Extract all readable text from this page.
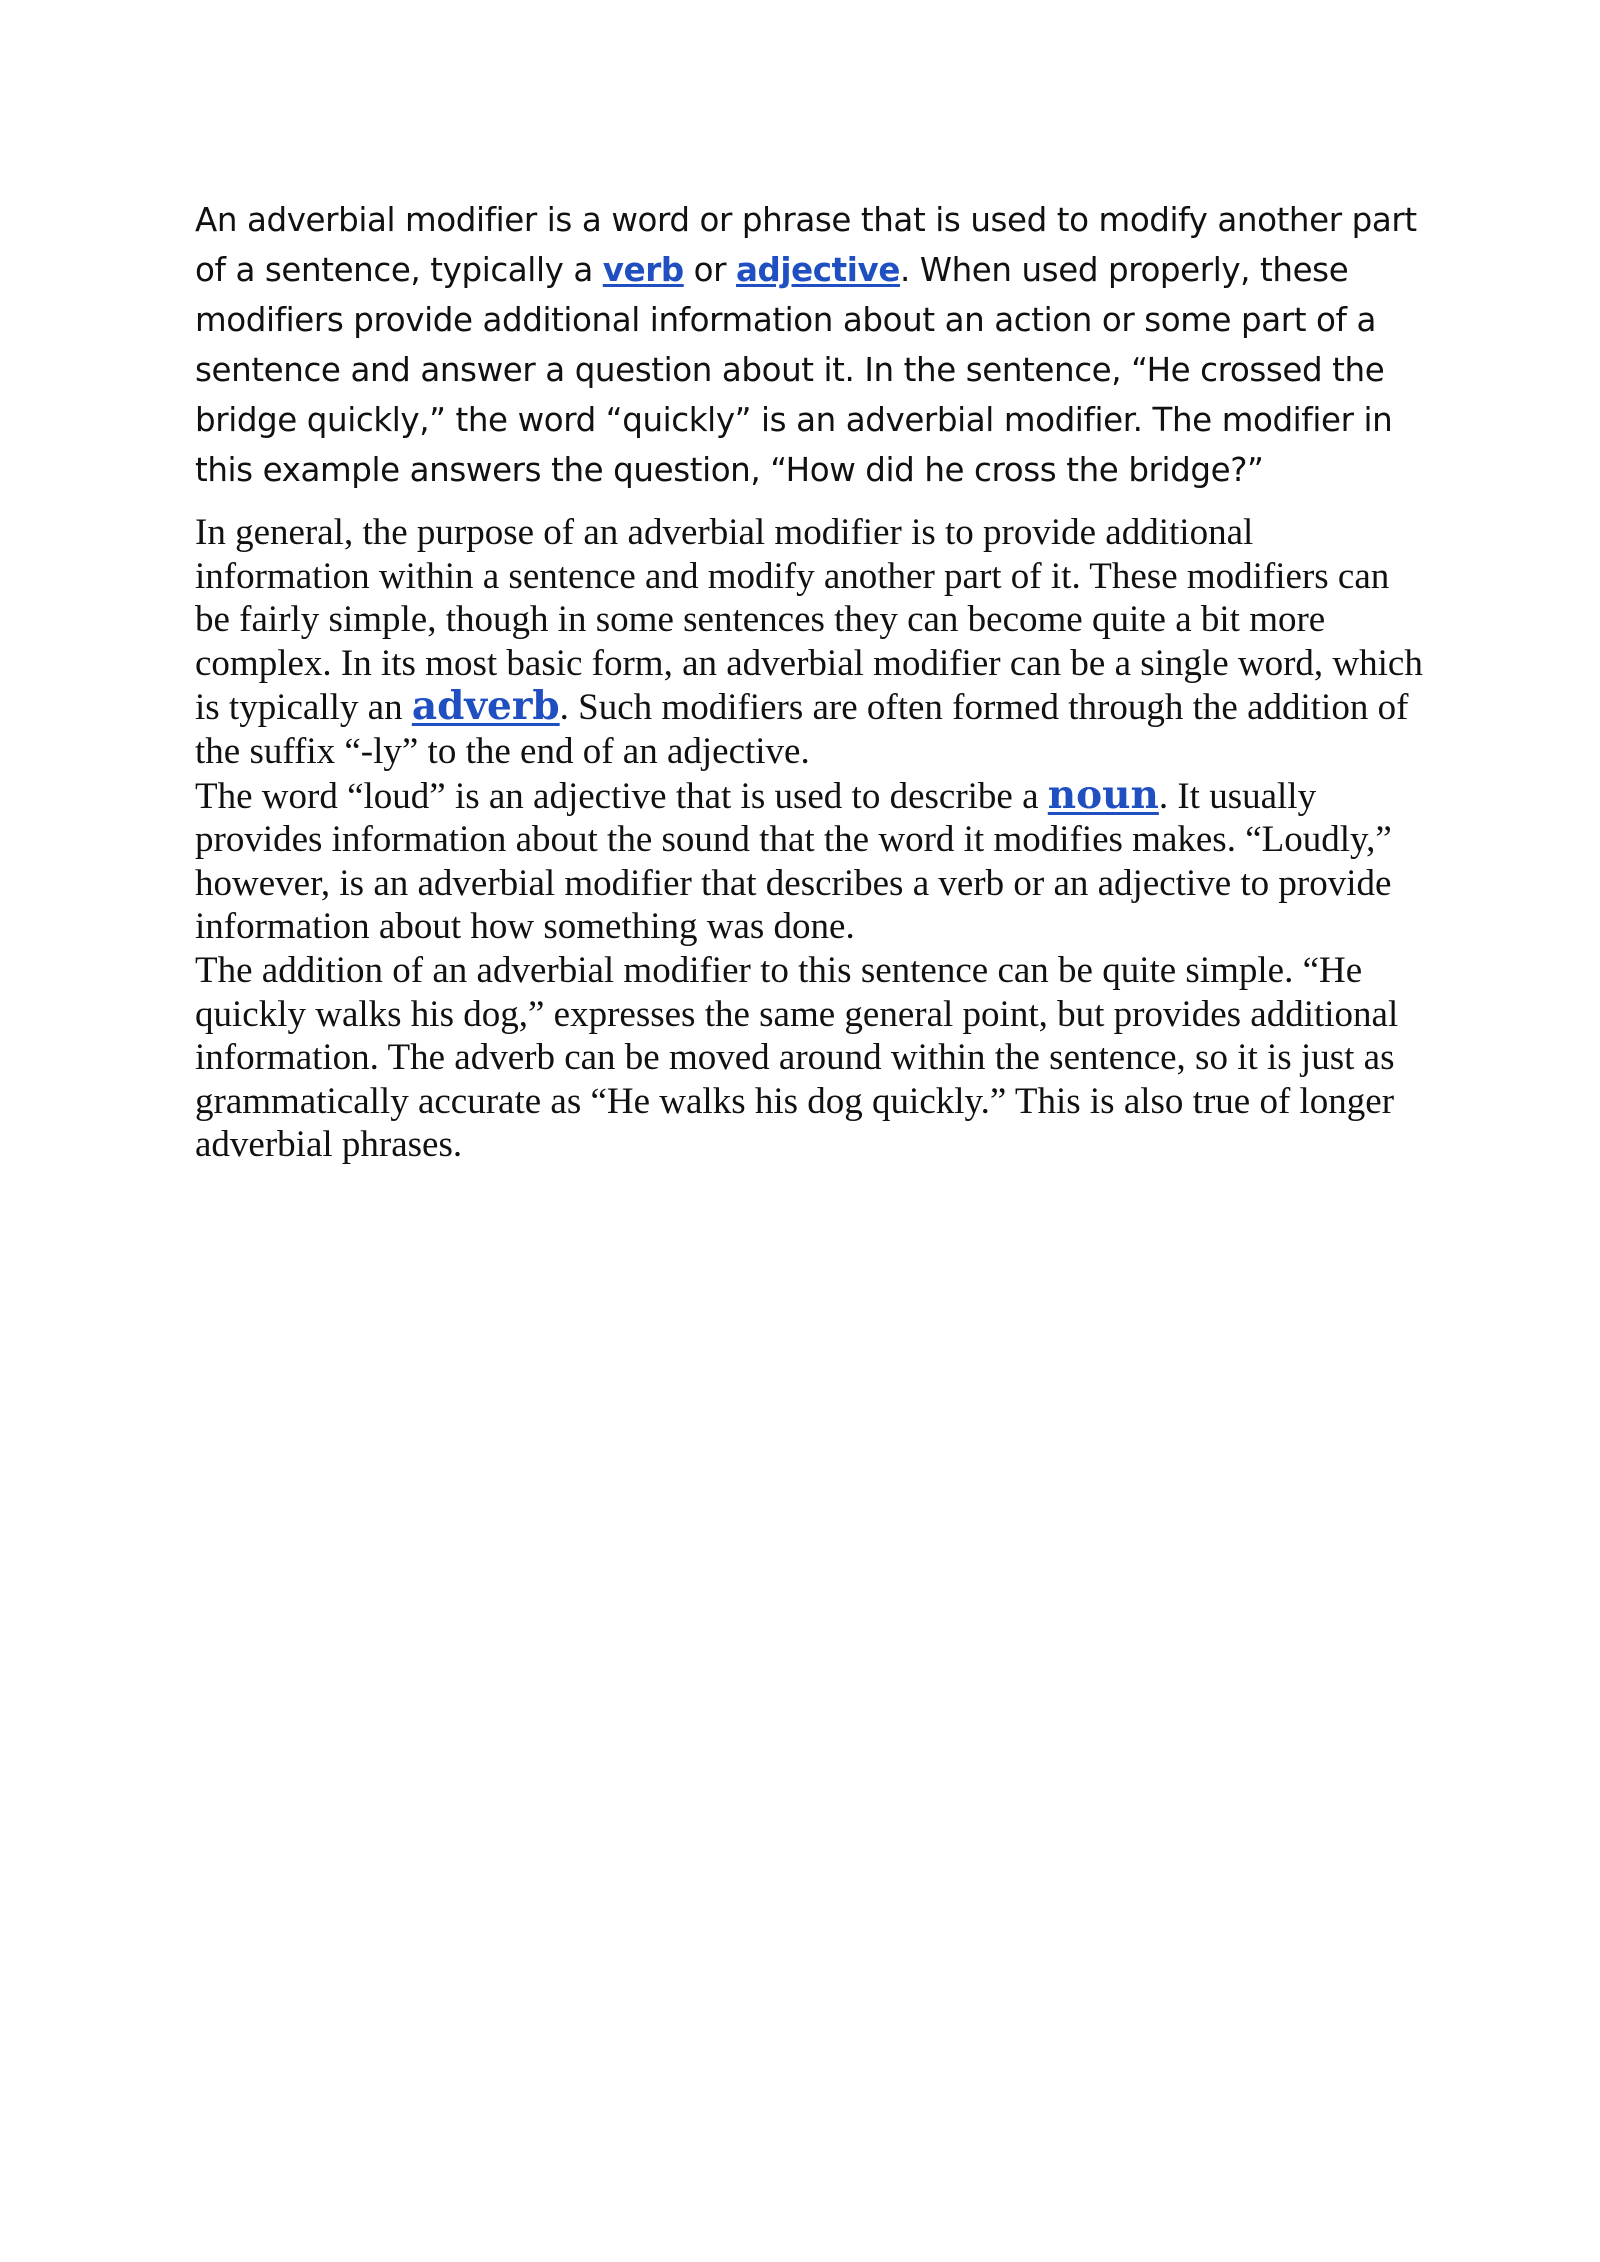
An adverbial modifier is a word or phrase that is used to modify another part of a sentence, typically a verb or adjective. When used properly, these modifiers provide additional information about an action or some part of a sentence and answer a question about it. In the sentence, “He crossed the bridge quickly,” the word “quickly” is an adverbial modifier. The modifier in this example answers the question, “How did he cross the bridge?”

In general, the purpose of an adverbial modifier is to provide additional information within a sentence and modify another part of it. These modifiers can be fairly simple, though in some sentences they can become quite a bit more complex. In its most basic form, an adverbial modifier can be a single word, which is typically an adverb. Such modifiers are often formed through the addition of the suffix “-ly” to the end of an adjective.

The word “loud” is an adjective that is used to describe a noun. It usually provides information about the sound that the word it modifies makes. “Loudly,” however, is an adverbial modifier that describes a verb or an adjective to provide information about how something was done.

The addition of an adverbial modifier to this sentence can be quite simple. “He quickly walks his dog,” expresses the same general point, but provides additional information. The adverb can be moved around within the sentence, so it is just as grammatically accurate as “He walks his dog quickly.” This is also true of longer adverbial phrases.
